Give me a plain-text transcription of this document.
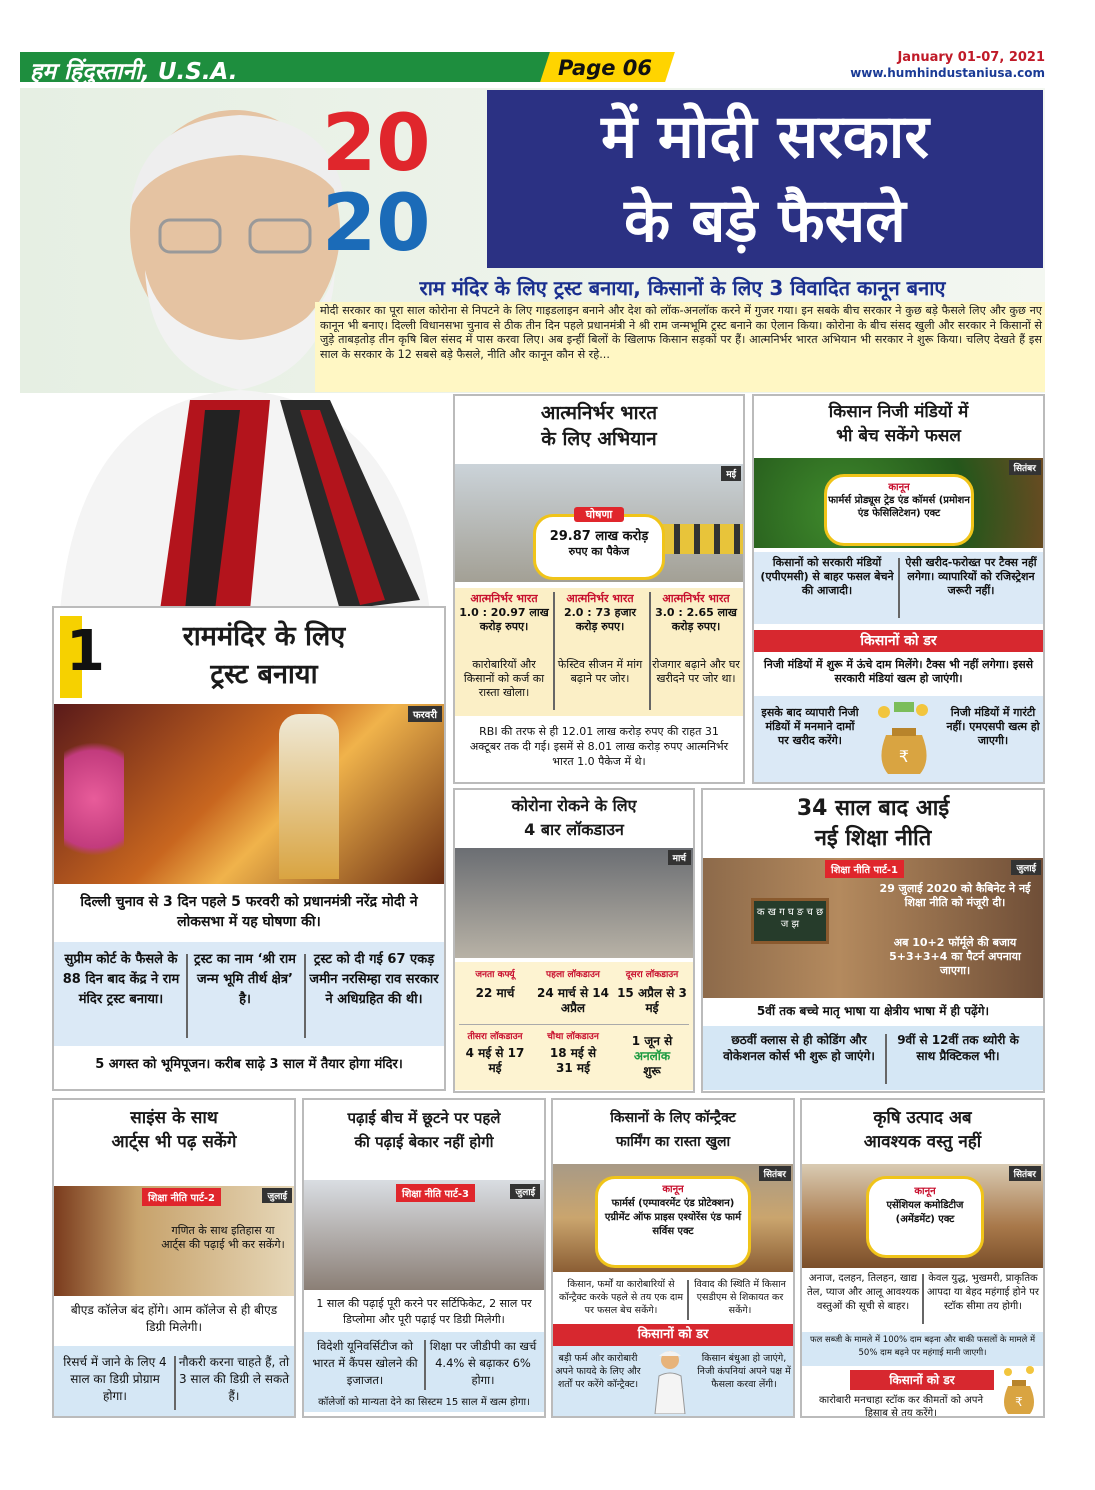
हम हिंदुस्तानी, U.S.A.	Page 06	January 01-07, 2021
www.humhindustaniusa.com
20
20
में मोदी सरकार
के बड़े फैसले
राम मंदिर के लिए ट्रस्ट बनाया, किसानों के लिए 3 विवादित कानून बनाए
मोदी सरकार का पूरा साल कोरोना से निपटने के लिए गाइडलाइन बनाने और देश को लॉक-अनलॉक करने में गुजर गया। इन सबके बीच सरकार ने कुछ बड़े फैसले लिए और कुछ नए कानून भी बनाए। दिल्ली विधानसभा चुनाव से ठीक तीन दिन पहले प्रधानमंत्री ने श्री राम जन्मभूमि ट्रस्ट बनाने का ऐलान किया। कोरोना के बीच संसद खुली और सरकार ने किसानों से जुड़े ताबड़तोड़ तीन कृषि बिल संसद में पास करवा लिए। अब इन्हीं बिलों के खिलाफ किसान सड़कों पर हैं। आत्मनिर्भर भारत अभियान भी सरकार ने शुरू किया। चलिए देखते हैं इस साल के सरकार के 12 सबसे बड़े फैसले, नीति और कानून कौन से रहे...
आत्मनिर्भर भारत
के लिए अभियान
मई
घोषणा
29.87 लाख करोड़
रुपए का पैकेज
आत्मनिर्भर भारत
1.0 : 20.97 लाख
करोड़ रुपए।
कारोबारियों और किसानों को कर्ज का रास्ता खोला।
आत्मनिर्भर भारत
2.0 : 73 हजार
करोड़ रुपए।
फेस्टिव सीजन में मांग बढ़ाने पर जोर।
आत्मनिर्भर भारत
3.0 : 2.65 लाख
करोड़ रुपए।
रोजगार बढ़ाने और घर खरीदने पर जोर था।
RBI की तरफ से ही 12.01 लाख करोड़ रुपए की राहत 31 अक्टूबर तक दी गई। इसमें से 8.01 लाख करोड़ रुपए आत्मनिर्भर भारत 1.0 पैकेज में थे।
किसान निजी मंडियों में
भी बेच सकेंगे फसल
सितंबर
कानून
फार्मर्स प्रोड्यूस ट्रेड एंड कॉमर्स (प्रमोशन एंड फेसिलिटेशन) एक्ट
किसानों को सरकारी मंडियों (एपीएमसी) से बाहर फसल बेचने की आजादी।
ऐसी खरीद-फरोख्त पर टैक्स नहीं लगेगा। व्यापारियों को रजिस्ट्रेशन जरूरी नहीं।
किसानों को डर
निजी मंडियों में शुरू में ऊंचे दाम मिलेंगे। टैक्स भी नहीं लगेगा। इससे सरकारी मंडियां खत्म हो जाएंगी।
इसके बाद व्यापारी निजी मंडियों में मनमाने दामों पर खरीद करेंगे।
₹
निजी मंडियों में गारंटी नहीं। एमएसपी खत्म हो जाएगी।
1	राममंदिर के लिए
ट्रस्ट बनाया
फरवरी
दिल्ली चुनाव से 3 दिन पहले 5 फरवरी को प्रधानमंत्री नरेंद्र मोदी ने लोकसभा में यह घोषणा की।
सुप्रीम कोर्ट के फैसले के 88 दिन बाद केंद्र ने राम मंदिर ट्रस्ट बनाया।
ट्रस्ट का नाम ‘श्री राम जन्म भूमि तीर्थ क्षेत्र’ है।
ट्रस्ट को दी गई 67 एकड़ जमीन नरसिम्हा राव सरकार ने अधिग्रहित की थी।
5 अगस्त को भूमिपूजन। करीब साढ़े 3 साल में तैयार होगा मंदिर।
कोरोना रोकने के लिए
4 बार लॉकडाउन
मार्च
जनता कर्फ्यू
22 मार्च
पहला लॉकडाउन
24 मार्च से 14 अप्रैल
दूसरा लॉकडाउन
15 अप्रैल से 3 मई
तीसरा लॉकडाउन
4 मई से 17 मई
चौथा लॉकडाउन
18 मई से 31 मई
1 जून से
अनलॉक
शुरू
34 साल बाद आई
नई शिक्षा नीति
क ख ग घ ङ च छ ज झ
जुलाई
शिक्षा नीति पार्ट-1
29 जुलाई 2020 को कैबिनेट ने नई शिक्षा नीति को मंजूरी दी।
अब 10+2 फॉर्मूले की बजाय 5+3+3+4 का पैटर्न अपनाया जाएगा।
5वीं तक बच्चे मातृ भाषा या क्षेत्रीय भाषा में ही पढ़ेंगे।
छठवीं क्लास से ही कोडिंग और वोकेशनल कोर्स भी शुरू हो जाएंगे।
9वीं से 12वीं तक थ्योरी के साथ प्रैक्टिकल भी।
साइंस के साथ
आर्ट्स भी पढ़ सकेंगे
शिक्षा नीति पार्ट-2	जुलाई
गणित के साथ इतिहास या आर्ट्स की पढ़ाई भी कर सकेंगे।
बीएड कॉलेज बंद होंगे। आम कॉलेज से ही बीएड डिग्री मिलेगी।
रिसर्च में जाने के लिए 4 साल का डिग्री प्रोग्राम होगा।
नौकरी करना चाहते हैं, तो 3 साल की डिग्री ले सकते हैं।
पढ़ाई बीच में छूटने पर पहले
की पढ़ाई बेकार नहीं होगी
शिक्षा नीति पार्ट-3	जुलाई
1 साल की पढ़ाई पूरी करने पर सर्टिफिकेट, 2 साल पर डिप्लोमा और पूरी पढ़ाई पर डिग्री मिलेगी।
विदेशी यूनिवर्सिटीज को भारत में कैंपस खोलने की इजाजत।
शिक्षा पर जीडीपी का खर्च 4.4% से बढ़ाकर 6% होगा।
कॉलेजों को मान्यता देने का सिस्टम 15 साल में खत्म होगा।
किसानों के लिए कॉन्ट्रैक्ट
फार्मिंग का रास्ता खुला
सितंबर
कानून
फार्मर्स (एम्पावरमेंट एंड प्रोटेक्शन) एग्रीमेंट ऑफ प्राइस एश्योरेंस एंड फार्म सर्विस एक्ट
किसान, फर्मों या कारोबारियों से कॉन्ट्रैक्ट करके पहले से तय एक दाम पर फसल बेच सकेंगे।
विवाद की स्थिति में किसान एसडीएम से शिकायत कर सकेंगे।
किसानों को डर
बड़ी फर्म और कारोबारी अपने फायदे के लिए और शर्तों पर करेंगे कॉन्ट्रैक्ट।
किसान बंधुआ हो जाएंगे, निजी कंपनियां अपने पक्ष में फैसला करवा लेंगी।
कृषि उत्पाद अब
आवश्यक वस्तु नहीं
सितंबर
कानून
एसेंशियल कमोडिटीज (अमेंडमेंट) एक्ट
अनाज, दलहन, तिलहन, खाद्य तेल, प्याज और आलू आवश्यक वस्तुओं की सूची से बाहर।
केवल युद्ध, भुखमरी, प्राकृतिक आपदा या बेहद महंगाई होने पर स्टॉक सीमा तय होगी।
फल सब्जी के मामले में 100% दाम बढ़ना और बाकी फसलों के मामले में 50% दाम बढ़ने पर महंगाई मानी जाएगी।
किसानों को डर
₹
कारोबारी मनचाहा स्टॉक कर कीमतों को अपने हिसाब से तय करेंगे।
